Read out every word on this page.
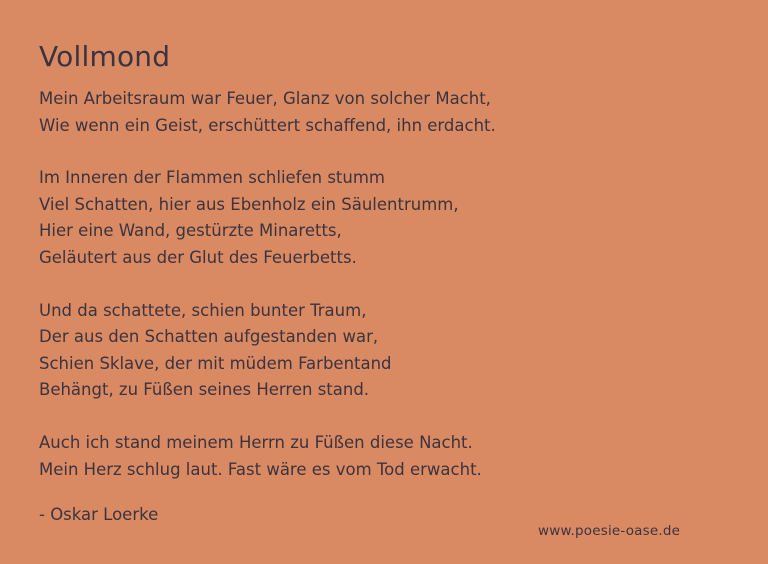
Vollmond
Mein Arbeitsraum war Feuer, Glanz von solcher Macht,
Wie wenn ein Geist, erschüttert schaffend, ihn erdacht.
Im Inneren der Flammen schliefen stumm
Viel Schatten, hier aus Ebenholz ein Säulentrumm,
Hier eine Wand, gestürzte Minaretts,
Geläutert aus der Glut des Feuerbetts.
Und da schattete, schien bunter Traum,
Der aus den Schatten aufgestanden war,
Schien Sklave, der mit müdem Farbentand
Behängt, zu Füßen seines Herren stand.
Auch ich stand meinem Herrn zu Füßen diese Nacht.
Mein Herz schlug laut. Fast wäre es vom Tod erwacht.
- Oskar Loerke
www.poesie-oase.de
